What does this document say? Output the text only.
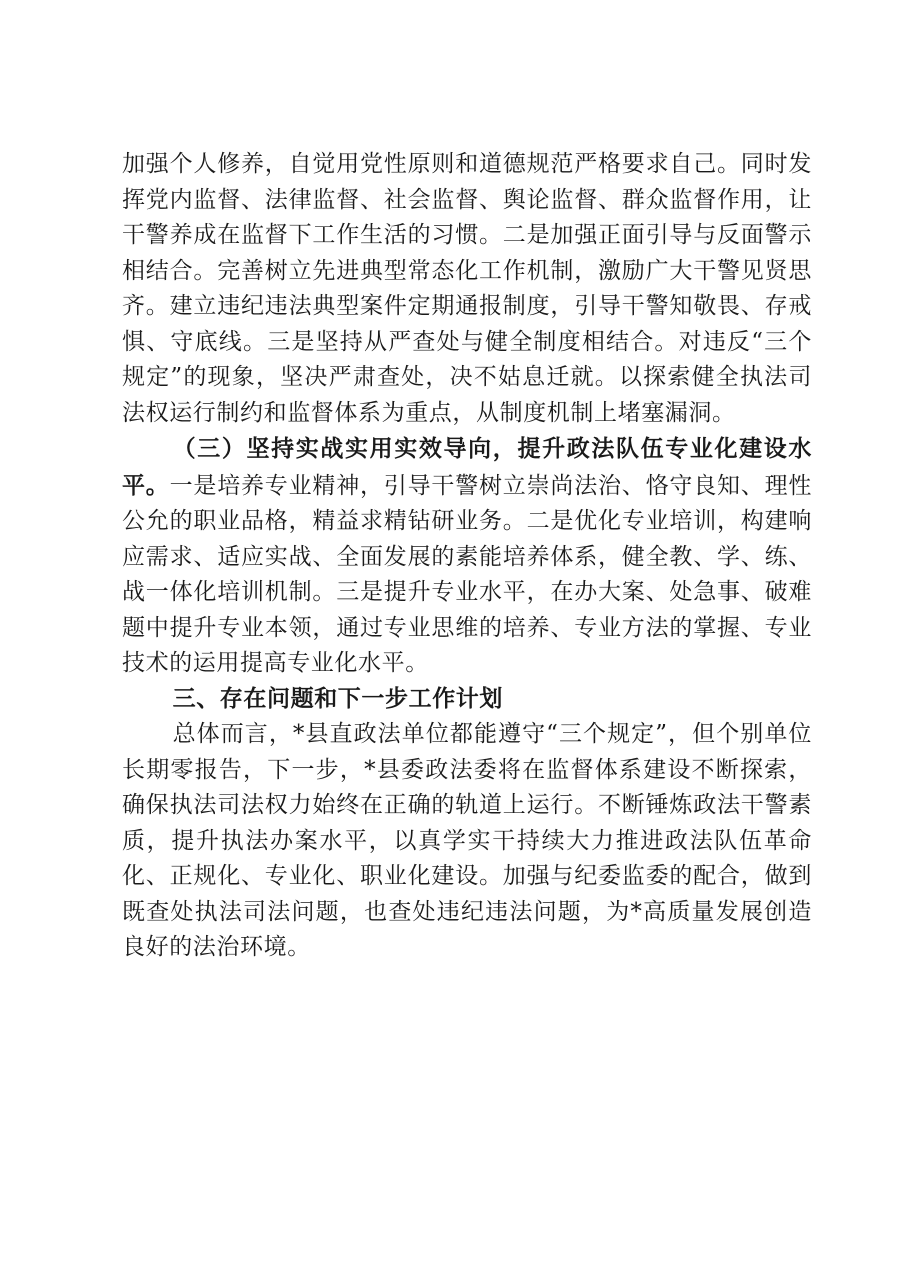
加强个人修养，自觉用党性原则和道德规范严格要求自己。同时发挥党内监督、法律监督、社会监督、舆论监督、群众监督作用，让干警养成在监督下工作生活的习惯。二是加强正面引导与反面警示相结合。完善树立先进典型常态化工作机制，激励广大干警见贤思齐。建立违纪违法典型案件定期通报制度，引导干警知敬畏、存戒惧、守底线。三是坚持从严查处与健全制度相结合。对违反“三个规定”的现象，坚决严肃查处，决不姑息迁就。以探索健全执法司法权运行制约和监督体系为重点，从制度机制上堵塞漏洞。

（三）坚持实战实用实效导向，提升政法队伍专业化建设水平。一是培养专业精神，引导干警树立崇尚法治、恪守良知、理性公允的职业品格，精益求精钻研业务。二是优化专业培训，构建响应需求、适应实战、全面发展的素能培养体系，健全教、学、练、战一体化培训机制。三是提升专业水平，在办大案、处急事、破难题中提升专业本领，通过专业思维的培养、专业方法的掌握、专业技术的运用提高专业化水平。

三、存在问题和下一步工作计划

总体而言，*县直政法单位都能遵守“三个规定”，但个别单位长期零报告，下一步，*县委政法委将在监督体系建设不断探索，确保执法司法权力始终在正确的轨道上运行。不断锤炼政法干警素质，提升执法办案水平，以真学实干持续大力推进政法队伍革命化、正规化、专业化、职业化建设。加强与纪委监委的配合，做到既查处执法司法问题，也查处违纪违法问题，为*高质量发展创造良好的法治环境。
